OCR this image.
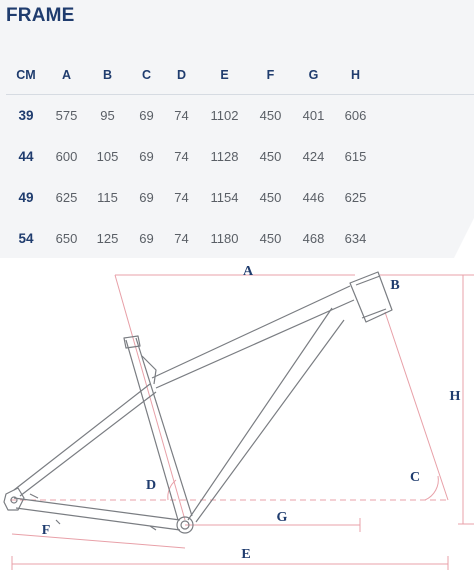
FRAME
CM	A	B	C	D	E	F	G	H	
39	575	95	69	74	1102	450	401	606	
44	600	105	69	74	1128	450	424	615	
49	625	115	69	74	1154	450	446	625	
54	650	125	69	74	1180	450	468	634	
A
B
C
D
E
F
G
H
